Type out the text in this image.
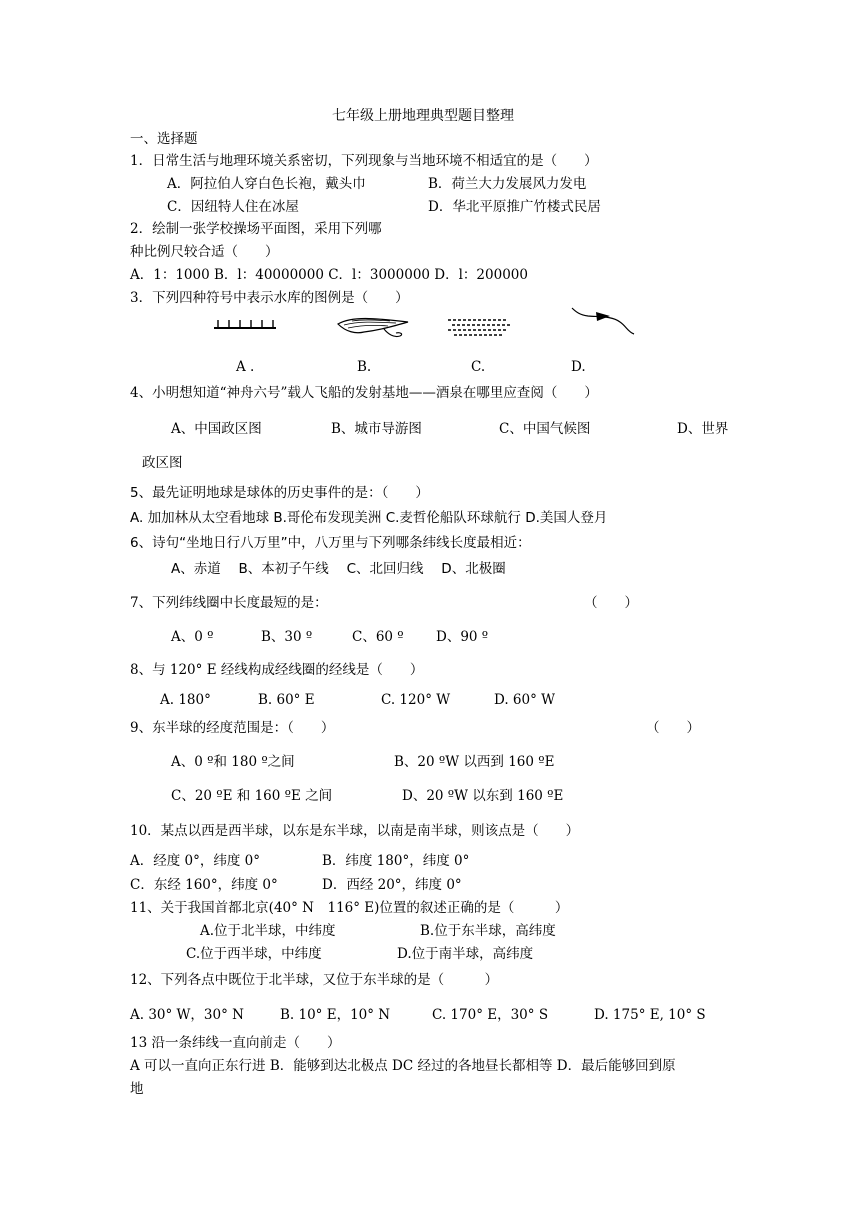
七年级上册地理典型题目整理
一、选择题
1．日常生活与地理环境关系密切，下列现象与当地环境不相适宜的是（　　）
A．阿拉伯人穿白色长袍，戴头巾	B．荷兰大力发展风力发电
C．因纽特人住在冰屋	D．华北平原推广竹楼式民居
2．绘制一张学校操场平面图，采用下列哪
种比例尺较合适（　　）
A．1：1000 B．l：40000000 C．l：3000000 D．l：200000
3．下列四种符号中表示水库的图例是（　　）
A .	B.	C.	D.
4、小明想知道“神舟六号”载人飞船的发射基地——酒泉在哪里应查阅（　　）
A、中国政区图	B、城市导游图	C、中国气候图	D、世界
政区图
5、最先证明地球是球体的历史事件的是：（　　）
A. 加加林从太空看地球 B.哥伦布发现美洲 C.麦哲伦船队环球航行 D.美国人登月
6、诗句“坐地日行八万里”中，八万里与下列哪条纬线长度最相近：
A、赤道　 B、本初子午线　 C、北回归线　 D、北极圈
7、下列纬线圈中长度最短的是：	（　　）
A、0 º	B、30 º	C、60 º D、90 º
8、与 120° E 经线构成经线圈的经线是（　　）
A. 180°	B. 60° E	C. 120° W	D. 60° W
9、东半球的经度范围是：（　　）	（　　）
A、0 º和 180 º之间	B、20 ºW 以西到 160 ºE
C、20 ºE 和 160 ºE 之间	D、20 ºW 以东到 160 ºE
10．某点以西是西半球，以东是东半球，以南是南半球，则该点是（　　）
A．经度 0°，纬度 0°	B．纬度 180°，纬度 0°
C．东经 160°，纬度 0°	D．西经 20°，纬度 0°
11、关于我国首都北京(40° N　116° E)位置的叙述正确的是（　　　）
A.位于北半球，中纬度	B.位于东半球，高纬度
C.位于西半球，中纬度	D.位于南半球，高纬度
12、下列各点中既位于北半球，又位于东半球的是（　　　）
A. 30° W，30° N	B. 10° E，10° N	C. 170° E，30° S	D. 175° E, 10° S
13 沿一条纬线一直向前走（　　）
A 可以一直向正东行进 B．能够到达北极点 DC 经过的各地昼长都相等 D．最后能够回到原
地
